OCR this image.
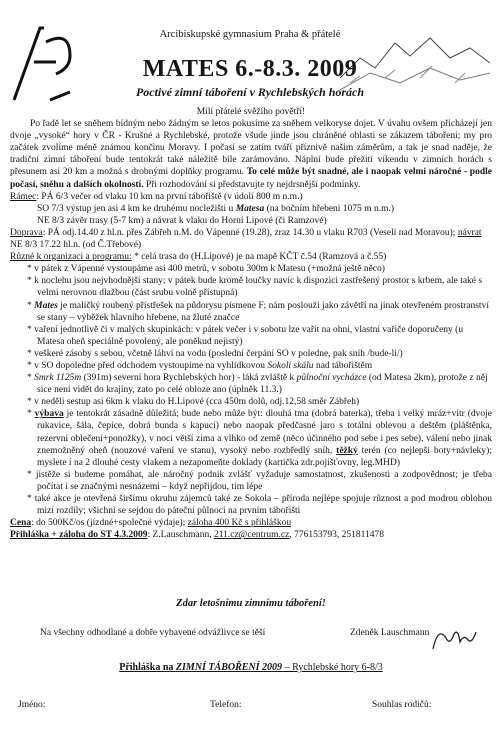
Arcibiskupské gymnasium Praha & přátelé
MATES 6.-8.3. 2009
Poctivé zimní táboření v Rychlebských horách

Milí přátelé svěžího povětří!

Po řadě let se sněhem bídným nebo žádným se letos pokusíme za sněhem velkoryse dojet. V úvahu ovšem přicházejí jen dvoje „vysoké“ hory v ČR - Krušné a Rychlebské, protože všude jinde jsou chráněné oblasti se zákazem táboření; my pro začátek zvolíme méně známou končinu Moravy. I počasí se zatím tváří příznivě našim záměrům, a tak je snad naděje, že tradiční zimní táboření bude tentokrát také náležitě bíle zarámováno. Náplní bude přežití víkendu v zimních horách s přesunem asi 20 km a možná s drobnými doplňky programu. To celé může být snadné, ale i naopak velmi náročné - podle počasí, sněhu a dalších okolností. Při rozhodování si představujte ty nejdrsnější podmínky.

Rámec: PÁ 6/3 večer od vlaku 10 km na první tábořiště (v údolí 800 m n.m.)

SO 7/3 výstup jen asi 4 km ke druhému nocležišti u Matesa (na bočním hřebeni 1075 m n.m.)

NE 8/3 závěr trasy (5-7 km) a návrat k vlaku do Horní Lipové (či Ramzové)

Doprava: PÁ odj.14.40 z hl.n. přes Zábřeh n.M. do Vápenné (19.28), zraz 14.30 u vlaku R703 (Veselí nad Moravou); návrat NE 8/3 17.22 hl.n. (od Č.Třebové)

Různé k organizaci a programu: * celá trasa do (H.Lipové) je na mapě KČT č.54 (Ramzová a č.55)

* v pátek z Vápenné vystoupáme asi 400 metrů, v sobotu 300m k Matesu (+možná ještě něco)

* k noclehu jsou nejvhodnější stany; v pátek bude kromě loučky navíc k dispozici zastřešený prostor s krbem, ale také s velmi nerovnou dlažbou (část srubu volně přístupná)

* Mates je maličký roubený přístřešek na půdorysu písmene F; nám poslouží jako závětří na jinak otevřeném prostranství se stany – výběžek hlavního hřebene, na žluté značce

* vaření jednotlivě či v malých skupinkách: v pátek večer i v sobotu lze vařit na ohni, vlastní vařiče doporučeny (u Matesa oheň speciálně povolený, ale poněkud nejistý)

* veškeré zásoby s sebou, včetně láhví na vodu (poslední čerpání SO v poledne, pak sníh /bude-li/)

* v SO dopoledne před odchodem vystoupíme na vyhlídkovou Sokolí skálu nad tábořištěm

* Smrk 1125m (391m) severní hora Rychlebských hor) - láká zvláště k půlnoční vycházce (od Matesa 2km), protože z něj sice není vidět do krajiny, zato po celé obloze ano (úplněk 11.3.)

* v neděli sestup asi 6km k vlaku do H.Lipové (cca 450m dolů, odj.12,58 směr Zábřeh)

* výbava je tentokrát zásadně důležitá; bude nebo může být: dlouhá tma (dobrá baterka), třeba i velký mráz+vítr (dvoje rukavice, šála, čepice, dobrá bunda s kapucí) nebo naopak předčasné jaro s totální oblevou a deštěm (pláštěnka, rezervní oblečení+ponožky), v noci větší zima a vlhko od země (něco účinného pod sebe i pes sebe), válení nebo jinak znemožněný oheň (nouzové vaření ve stanu), vysoký nebo rozbředlý sníh, těžký terén (co nejlepší boty+návleky); myslete i na 2 dlouhé cesty vlakem a nezapomeňte doklady (kartička zdr.pojišťovny, leg.MHD)

* jistěže si budeme pomáhat, ale náročný podnik zvlášť vyžaduje samostatnost, zkušenosti a zodpovědnost; je třeba počítat i se značnými nesnázemi – když nepřijdou, tím lépe

* také akce je otevřená širšímu okruhu zájemců také ze Sokola – příroda nejlépe spojuje různost a pod modrou oblohou mizí rozdíly; všichni se sejdou do páteční půlnoci na prvním tábořišti

Cena: do 500Kč/os (jízdné+společné výdaje); záloha 400 Kč s přihláškou

Přihláška + záloha do ST 4.3.2009: Z.Lauschmann, 211.cz@centrum.cz, 776153793, 251811478

Zdar letošnímu zimnímu táboření!
Na všechny odhodlané a dobře vybavené odvážlivce se těší	Zdeněk Lauschmann
Přihláška na ZIMNÍ TÁBOŘENÍ 2009 – Rychlebské hory 6-8/3
Jméno:	Telefon:	Souhlas rodičů:
